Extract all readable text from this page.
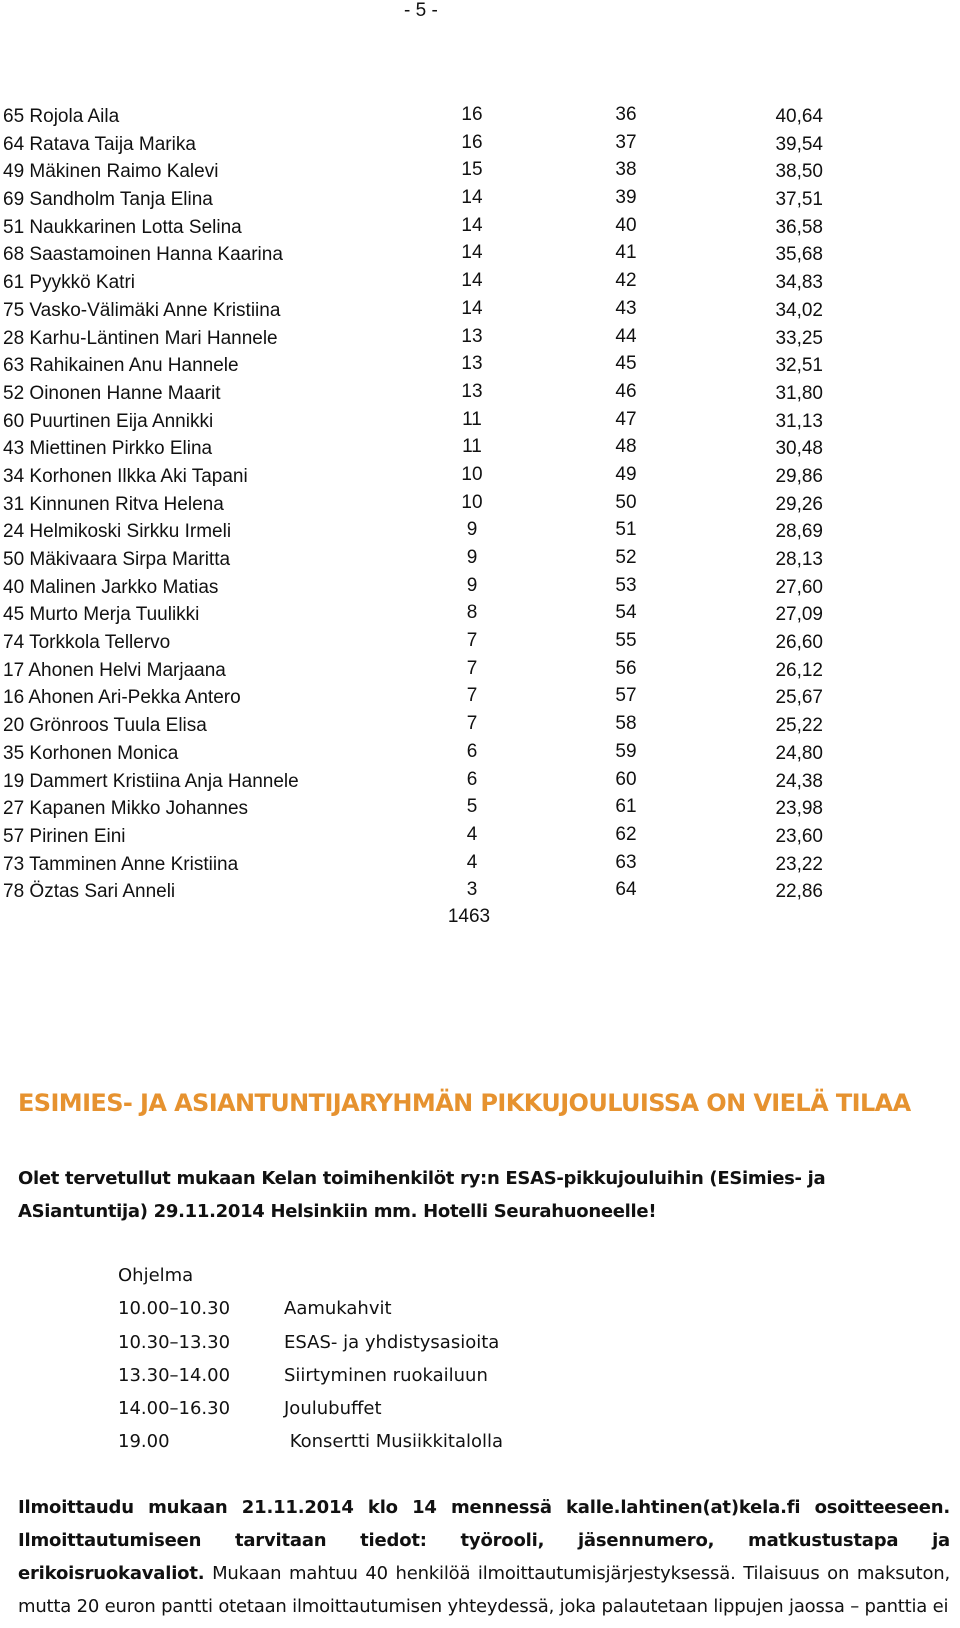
- 5 -
65 Rojola Aila	16	36	40,64
64 Ratava Taija Marika	16	37	39,54
49 Mäkinen Raimo Kalevi	15	38	38,50
69 Sandholm Tanja Elina	14	39	37,51
51 Naukkarinen Lotta Selina	14	40	36,58
68 Saastamoinen Hanna Kaarina	14	41	35,68
61 Pyykkö Katri	14	42	34,83
75 Vasko-Välimäki Anne Kristiina	14	43	34,02
28 Karhu-Läntinen Mari Hannele	13	44	33,25
63 Rahikainen Anu Hannele	13	45	32,51
52 Oinonen Hanne Maarit	13	46	31,80
60 Puurtinen Eija Annikki	11	47	31,13
43 Miettinen Pirkko Elina	11	48	30,48
34 Korhonen Ilkka Aki Tapani	10	49	29,86
31 Kinnunen Ritva Helena	10	50	29,26
24 Helmikoski Sirkku Irmeli	9	51	28,69
50 Mäkivaara Sirpa Maritta	9	52	28,13
40 Malinen Jarkko Matias	9	53	27,60
45 Murto Merja Tuulikki	8	54	27,09
74 Torkkola Tellervo	7	55	26,60
17 Ahonen Helvi Marjaana	7	56	26,12
16 Ahonen Ari-Pekka Antero	7	57	25,67
20 Grönroos Tuula Elisa	7	58	25,22
35 Korhonen Monica	6	59	24,80
19 Dammert Kristiina Anja Hannele	6	60	24,38
27 Kapanen Mikko Johannes	5	61	23,98
57 Pirinen Eini	4	62	23,60
73 Tamminen Anne Kristiina	4	63	23,22
78 Öztas Sari Anneli	3	64	22,86
1463
ESIMIES- JA ASIANTUNTIJARYHMÄN PIKKUJOULUISSA ON VIELÄ TILAA
Olet tervetullut mukaan Kelan toimihenkilöt ry:n ESAS-pikkujouluihin (ESimies- ja
ASiantuntija) 29.11.2014 Helsinkiin mm. Hotelli Seurahuoneelle!
Ohjelma
10.00–10.30	Aamukahvit
10.30–13.30	ESAS- ja yhdistysasioita
13.30–14.00	Siirtyminen ruokailuun
14.00–16.30	Joulubuffet
19.00	Konsertti Musiikkitalolla
Ilmoittaudu mukaan 21.11.2014 klo 14 mennessä kalle.lahtinen(at)kela.fi osoitteeseen. Ilmoittautumiseen tarvitaan tiedot: työrooli, jäsennumero, matkustustapa ja erikoisruokavaliot. Mukaan mahtuu 40 henkilöä ilmoittautumisjärjestyksessä. Tilaisuus on maksuton, mutta 20 euron pantti otetaan ilmoittautumisen yhteydessä, joka palautetaan lippujen jaossa – panttia ei
